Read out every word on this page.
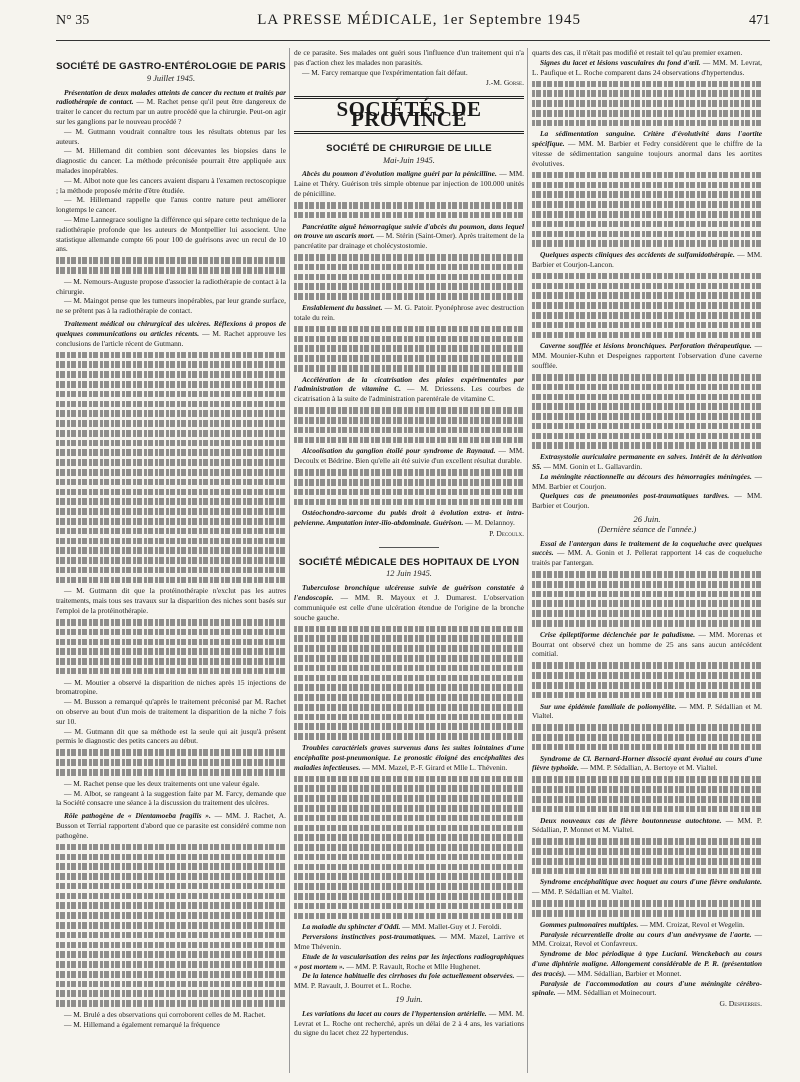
N° 35	LA PRESSE MÉDICALE, 1er Septembre 1945	471
SOCIÉTÉ DE GASTRO-ENTÉROLOGIE DE PARIS
9 Juillet 1945.

Présentation de deux malades atteints de cancer du rectum et traités par radiothérapie de contact. — M. Rachet pense qu'il peut être dangereux de traiter le cancer du rectum par un autre procédé que la chirurgie. Peut-on agir sur les ganglions par le nouveau procédé ?

— M. Gutmann voudrait connaître tous les résultats obtenus par les auteurs.

— M. Hillemand dit combien sont décevantes les biopsies dans le diagnostic du cancer. La méthode préconisée pourrait être appliquée aux malades inopérables.

— M. Albot note que les cancers avaient disparu à l'examen rectoscopique ; la méthode proposée mérite d'être étudiée.

— M. Hillemand rappelle que l'anus contre nature peut améliorer longtemps le cancer.

— Mme Lannegrace souligne la différence qui sépare cette technique de la radiothérapie profonde que les auteurs de Montpellier lui associent. Une statistique allemande compte 66 pour 100 de guérisons avec un recul de 10 ans.

— M. Nemours-Auguste propose d'associer la radiothérapie de contact à la chirurgie.

— M. Maingot pense que les tumeurs inopérables, par leur grande surface, ne se prêtent pas à la radiothérapie de contact.

Traitement médical ou chirurgical des ulcères. Réflexions à propos de quelques communications ou articles récents. — M. Rachet approuve les conclusions de l'article récent de Gutmann.

— M. Gutmann dit que la protéinothérapie n'exclut pas les autres traitements, mais tous ses travaux sur la disparition des niches sont basés sur l'emploi de la protéinothérapie.

— M. Moutier a observé la disparition de niches après 15 injections de bromatropine.

— M. Busson a remarqué qu'après le traitement préconisé par M. Rachet on observe au bout d'un mois de traitement la disparition de la niche 7 fois sur 10.

— M. Gutmann dit que sa méthode est la seule qui ait jusqu'à présent permis le diagnostic des petits cancers au début.

— M. Rachet pense que les deux traitements ont une valeur égale.

— M. Albot, se rangeant à la suggestion faite par M. Farcy, demande que la Société consacre une séance à la discussion du traitement des ulcères.

Rôle pathogène de « Dientamoeba fragilis ». — MM. J. Rachet, A. Busson et Terrial rapportent d'abord que ce parasite est considéré comme non pathogène.

— M. Brulé a des observations qui corroborent celles de M. Rachet.

— M. Hillemand a également remarqué la fréquence

de ce parasite. Ses malades ont guéri sous l'influence d'un traitement qui n'a pas d'action chez les malades non parasités.

— M. Farcy remarque que l'expérimentation fait défaut.

J.-M. Gorse.
SOCIÉTÉS DE PROVINCE
SOCIÉTÉ DE CHIRURGIE DE LILLE
Mai-Juin 1945.

Abcès du poumon d'évolution maligne guéri par la pénicilline. — MM. Laine et Théry. Guérison très simple obtenue par injection de 100.000 unités de pénicilline.

Pancréatite aiguë hémorragique suivie d'abcès du poumon, dans lequel on trouve un ascaris mort. — M. Stérin (Saint-Omer). Après traitement de la pancréatite par drainage et cholécystostomie.

Enslablement du bassinet. — M. G. Patoir. Pyonéphrose avec destruction totale du rein.

Accélération de la cicatrisation des plaies expérimentales par l'administration de vitamine C. — M. Driessens. Les courbes de cicatrisation à la suite de l'administration parentérale de vitamine C.

Alcoolisation du ganglion étoilé pour syndrome de Raynaud. — MM. Decoulx et Bédrine. Bien qu'elle ait été suivie d'un excellent résultat durable.

Ostéochondro-sarcome du pubis droit à évolution extra- et intra-pelvienne. Amputation inter-ilio-abdominale. Guérison. — M. Delannoy.

P. Decoulx.
SOCIÉTÉ MÉDICALE DES HOPITAUX DE LYON
12 Juin 1945.

Tuberculose bronchique ulcéreuse suivie de guérison constatée à l'endoscopie. — MM. R. Mayoux et J. Dumarest. L'observation communiquée est celle d'une ulcération étendue de l'origine de la bronche souche gauche.

Troubles caractériels graves survenus dans les suites lointaines d'une encéphalite post-pneumonique. Le pronostic éloigné des encéphalites des maladies infectieuses. — MM. Mazel, P.-F. Girard et Mlle L. Thévenin.

La maladie du sphincter d'Oddi. — MM. Mallet-Guy et J. Feroldi.

Perversions instinctives post-traumatiques. — MM. Mazel, Larrive et Mme Thévenin.

Etude de la vascularisation des reins par les injections radiographiques « post mortem ». — MM. P. Ravault, Roche et Mlle Hughenet.

De la latence habituelle des cirrhoses du foie actuellement observées. — MM. P. Ravault, J. Bourret et L. Roche.

19 Juin.

Les variations du lacet au cours de l'hypertension artérielle. — MM. M. Levrat et L. Roche ont recherché, après un délai de 2 à 4 ans, les variations du signe du lacet chez 22 hypertendus.

quarts des cas, il n'était pas modifié et restait tel qu'au premier examen.

Signes du lacet et lésions vasculaires du fond d'œil. — MM. M. Levrat, L. Paufique et L. Roche comparent dans 24 observations d'hypertendus.

La sédimentation sanguine. Critère d'évolutivité dans l'aortite spécifique. — MM. M. Barbier et Fedry considèrent que le chiffre de la vitesse de sédimentation sanguine toujours anormal dans les aortites évolutives.

Quelques aspects cliniques des accidents de sulfamidothérapie. — MM. Barbier et Courjon-Lancon.

Caverne soufflée et lésions bronchiques. Perforation thérapeutique. — MM. Mounier-Kuhn et Despeignes rapportent l'observation d'une caverne soufflée.

Extrasystolie auriculaire permanente en salves. Intérêt de la dérivation S5. — MM. Gonin et L. Gallavardin.

La méningite réactionnelle au décours des hémorragies méningées. — MM. Barbier et Courjon.

Quelques cas de pneumonies post-traumatiques tardives. — MM. Barbier et Courjon.

26 Juin.
(Dernière séance de l'année.)

Essai de l'antergan dans le traitement de la coqueluche avec quelques succès. — MM. A. Gonin et J. Pellerat rapportent 14 cas de coqueluche traités par l'antergan.

Crise épileptiforme déclenchée par le paludisme. — MM. Morenas et Bourrat ont observé chez un homme de 25 ans sans aucun antécédent comitial.

Sur une épidémie familiale de poliomyélite. — MM. P. Sédallian et M. Vialtel.

Syndrome de Cl. Bernard-Horner dissocié ayant évolué au cours d'une fièvre typhoïde. — MM. P. Sédallian, A. Bertoye et M. Vialtel.

Deux nouveaux cas de fièvre boutonneuse autochtone. — MM. P. Sédallian, P. Monnet et M. Vialtel.

Syndrome encéphalitique avec hoquet au cours d'une fièvre ondulante. — MM. P. Sédallian et M. Vialtel.

Gommes pulmonaires multiples. — MM. Croizat, Revol et Wegelin.

Paralysie récurrentielle droite au cours d'un anévrysme de l'aorte. — MM. Croizat, Revol et Confavreux.

Syndrome de bloc périodique à type Luciani. Wenckebach au cours d'une diphtérie maligne. Allongement considérable de P. R. (présentation des tracés). — MM. Sédallian, Barbier et Monnet.

Paralysie de l'accommodation au cours d'une méningite cérébro-spinale. — MM. Sédallian et Moinecourt.

G. Despierres.
